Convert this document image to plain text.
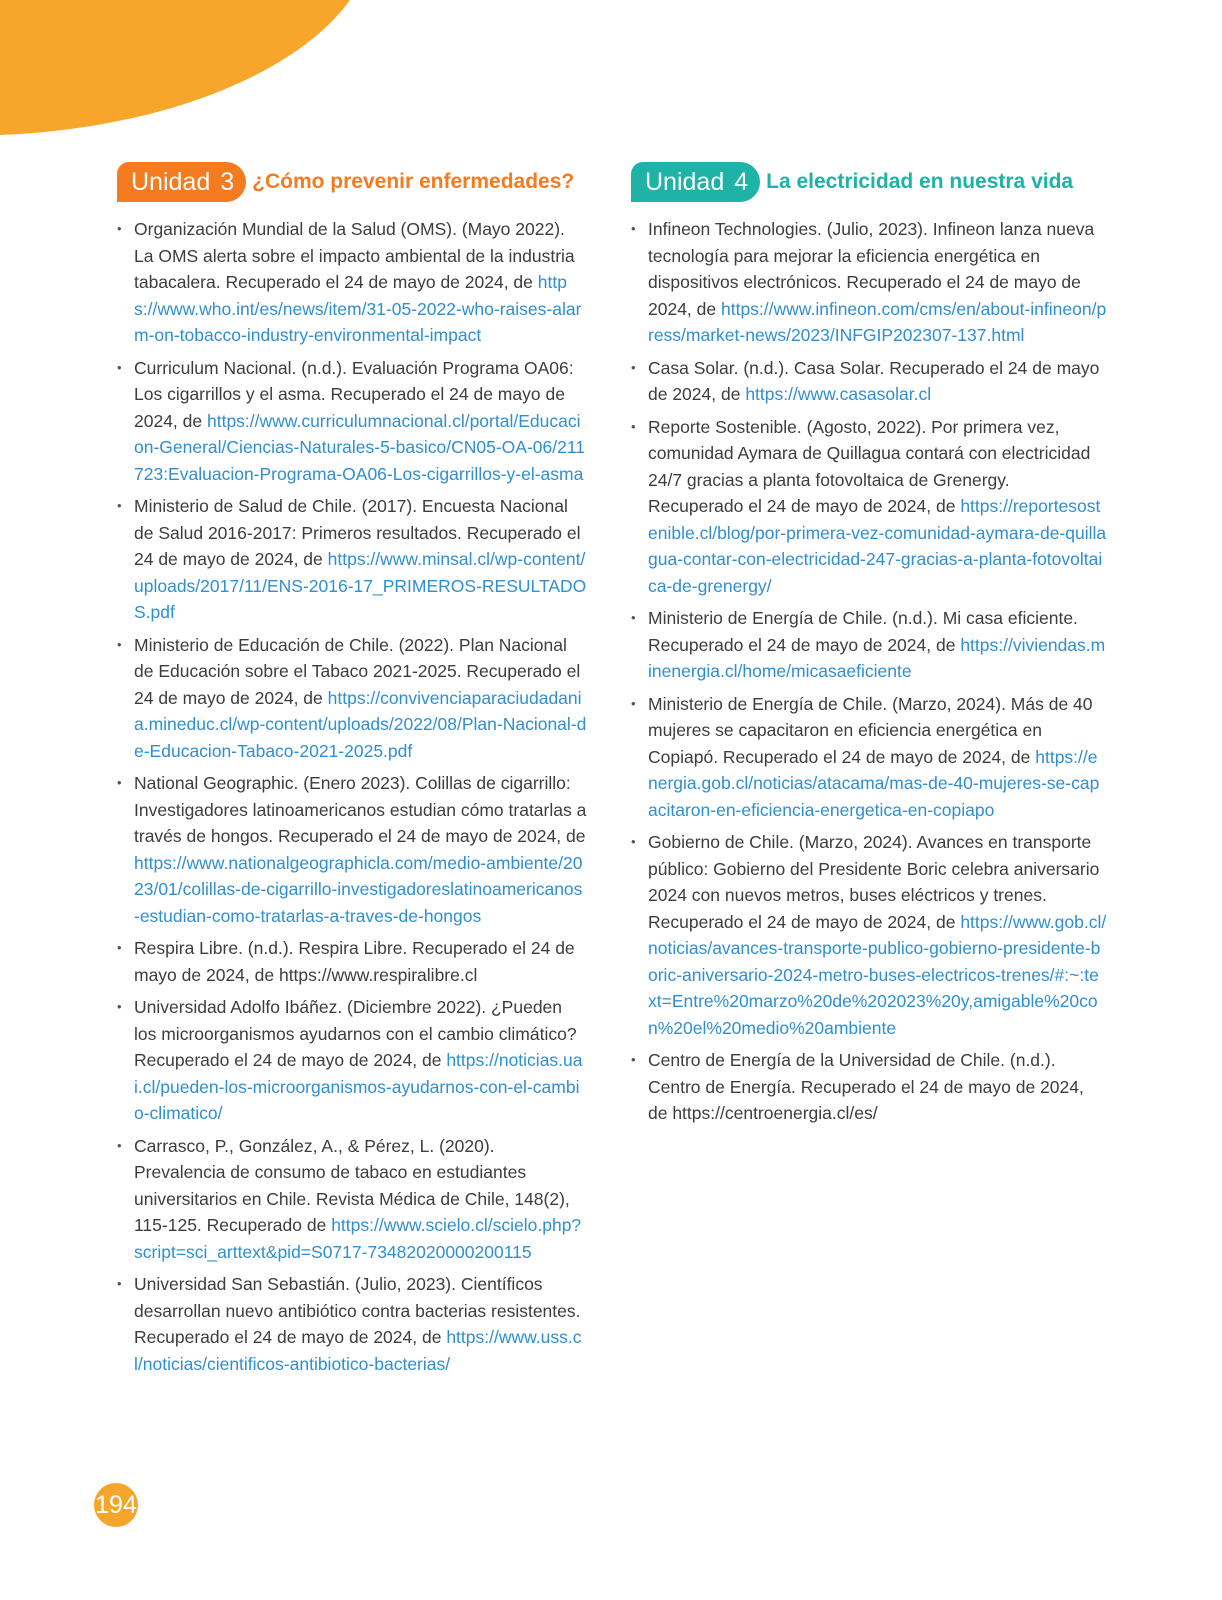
Unidad 3 ¿Cómo prevenir enfermedades?
• Organización Mundial de la Salud (OMS). (Mayo 2022). La OMS alerta sobre el impacto ambiental de la industria tabacalera. Recuperado el 24 de mayo de 2024, de https://www.who.int/es/news/item/31-05-2022-who-raises-alarm-on-tobacco-industry-environmental-impact
• Curriculum Nacional. (n.d.). Evaluación Programa OA06: Los cigarrillos y el asma. Recuperado el 24 de mayo de 2024, de https://www.curriculumnacional.cl/portal/Educacion-General/Ciencias-Naturales-5-basico/CN05-OA-06/211723:Evaluacion-Programa-OA06-Los-cigarrillos-y-el-asma
• Ministerio de Salud de Chile. (2017). Encuesta Nacional de Salud 2016-2017: Primeros resultados. Recuperado el 24 de mayo de 2024, de https://www.minsal.cl/wp-content/uploads/2017/11/ENS-2016-17_PRIMEROS-RESULTADOS.pdf
• Ministerio de Educación de Chile. (2022). Plan Nacional de Educación sobre el Tabaco 2021-2025. Recuperado el 24 de mayo de 2024, de https://convivenciaparaciudadania.mineduc.cl/wp-content/uploads/2022/08/Plan-Nacional-de-Educacion-Tabaco-2021-2025.pdf
• National Geographic. (Enero 2023). Colillas de cigarrillo: Investigadores latinoamericanos estudian cómo tratarlas a través de hongos. Recuperado el 24 de mayo de 2024, de https://www.nationalgeographicla.com/medio-ambiente/2023/01/colillas-de-cigarrillo-investigadoreslatinoamericanos-estudian-como-tratarlas-a-traves-de-hongos
• Respira Libre. (n.d.). Respira Libre. Recuperado el 24 de mayo de 2024, de https://www.respiralibre.cl
• Universidad Adolfo Ibáñez. (Diciembre 2022). ¿Pueden los microorganismos ayudarnos con el cambio climático? Recuperado el 24 de mayo de 2024, de https://noticias.uai.cl/pueden-los-microorganismos-ayudarnos-con-el-cambio-climatico/
• Carrasco, P., González, A., & Pérez, L. (2020). Prevalencia de consumo de tabaco en estudiantes universitarios en Chile. Revista Médica de Chile, 148(2), 115-125. Recuperado de https://www.scielo.cl/scielo.php?script=sci_arttext&pid=S0717-73482020000200115
• Universidad San Sebastián. (Julio, 2023). Científicos desarrollan nuevo antibiótico contra bacterias resistentes. Recuperado el 24 de mayo de 2024, de https://www.uss.cl/noticias/cientificos-antibiotico-bacterias/
Unidad 4 La electricidad en nuestra vida
• Infineon Technologies. (Julio, 2023). Infineon lanza nueva tecnología para mejorar la eficiencia energética en dispositivos electrónicos. Recuperado el 24 de mayo de 2024, de https://www.infineon.com/cms/en/about-infineon/press/market-news/2023/INFGIP202307-137.html
• Casa Solar. (n.d.). Casa Solar. Recuperado el 24 de mayo de 2024, de https://www.casasolar.cl
• Reporte Sostenible. (Agosto, 2022). Por primera vez, comunidad Aymara de Quillagua contará con electricidad 24/7 gracias a planta fotovoltaica de Grenergy. Recuperado el 24 de mayo de 2024, de https://reportesostenible.cl/blog/por-primera-vez-comunidad-aymara-de-quillagua-contar-con-electricidad-247-gracias-a-planta-fotovoltaica-de-grenergy/
• Ministerio de Energía de Chile. (n.d.). Mi casa eficiente. Recuperado el 24 de mayo de 2024, de https://viviendas.minenergia.cl/home/micasaeficiente
• Ministerio de Energía de Chile. (Marzo, 2024). Más de 40 mujeres se capacitaron en eficiencia energética en Copiapó. Recuperado el 24 de mayo de 2024, de https://energia.gob.cl/noticias/atacama/mas-de-40-mujeres-se-capacitaron-en-eficiencia-energetica-en-copiapo
• Gobierno de Chile. (Marzo, 2024). Avances en transporte público: Gobierno del Presidente Boric celebra aniversario 2024 con nuevos metros, buses eléctricos y trenes. Recuperado el 24 de mayo de 2024, de https://www.gob.cl/noticias/avances-transporte-publico-gobierno-presidente-boric-aniversario-2024-metro-buses-electricos-trenes/#:~:text=Entre%20marzo%20de%202023%20y,amigable%20con%20el%20medio%20ambiente
• Centro de Energía de la Universidad de Chile. (n.d.). Centro de Energía. Recuperado el 24 de mayo de 2024, de https://centroenergia.cl/es/
194
